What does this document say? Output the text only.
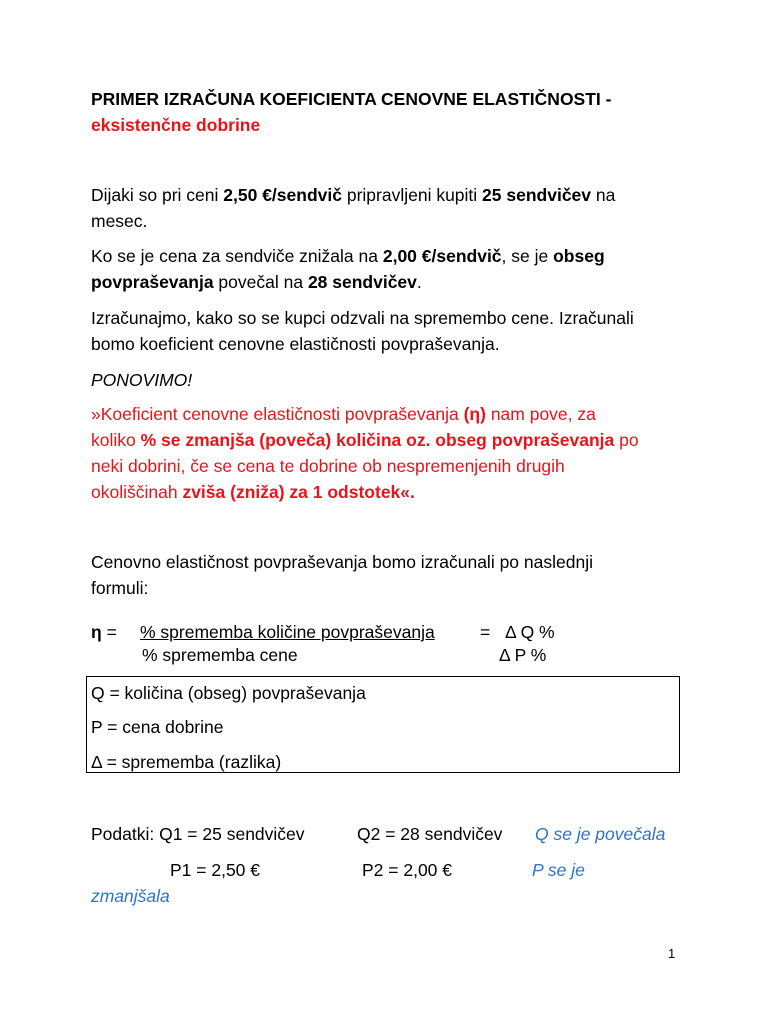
PRIMER IZRAČUNA KOEFICIENTA CENOVNE ELASTIČNOSTI -
eksistenčne dobrine
Dijaki so pri ceni 2,50 €/sendvič pripravljeni kupiti 25 sendvičev na
mesec.
Ko se je cena za sendviče znižala na 2,00 €/sendvič, se je obseg
povpraševanja povečal na 28 sendvičev.
Izračunajmo, kako so se kupci odzvali na spremembo cene. Izračunali
bomo koeficient cenovne elastičnosti povpraševanja.
PONOVIMO!
»Koeficient cenovne elastičnosti povpraševanja (η) nam pove, za
koliko % se zmanjša (poveča) količina oz. obseg povpraševanja po
neki dobrini, če se cena te dobrine ob nespremenjenih drugih
okoliščinah zviša (zniža) za 1 odstotek«.
Cenovno elastičnost povpraševanja bomo izračunali po naslednji
formuli:
η = % sprememba količine povpraševanja	= Δ Q %
% sprememba cene	Δ P %
Q = količina (obseg) povpraševanja
P = cena dobrine
Δ = sprememba (razlika)
Podatki: Q1 = 25 sendvičev	Q2 = 28 sendvičev Q se je povečala
P1 = 2,50 €	P2 = 2,00 €	P se je
zmanjšala
1
